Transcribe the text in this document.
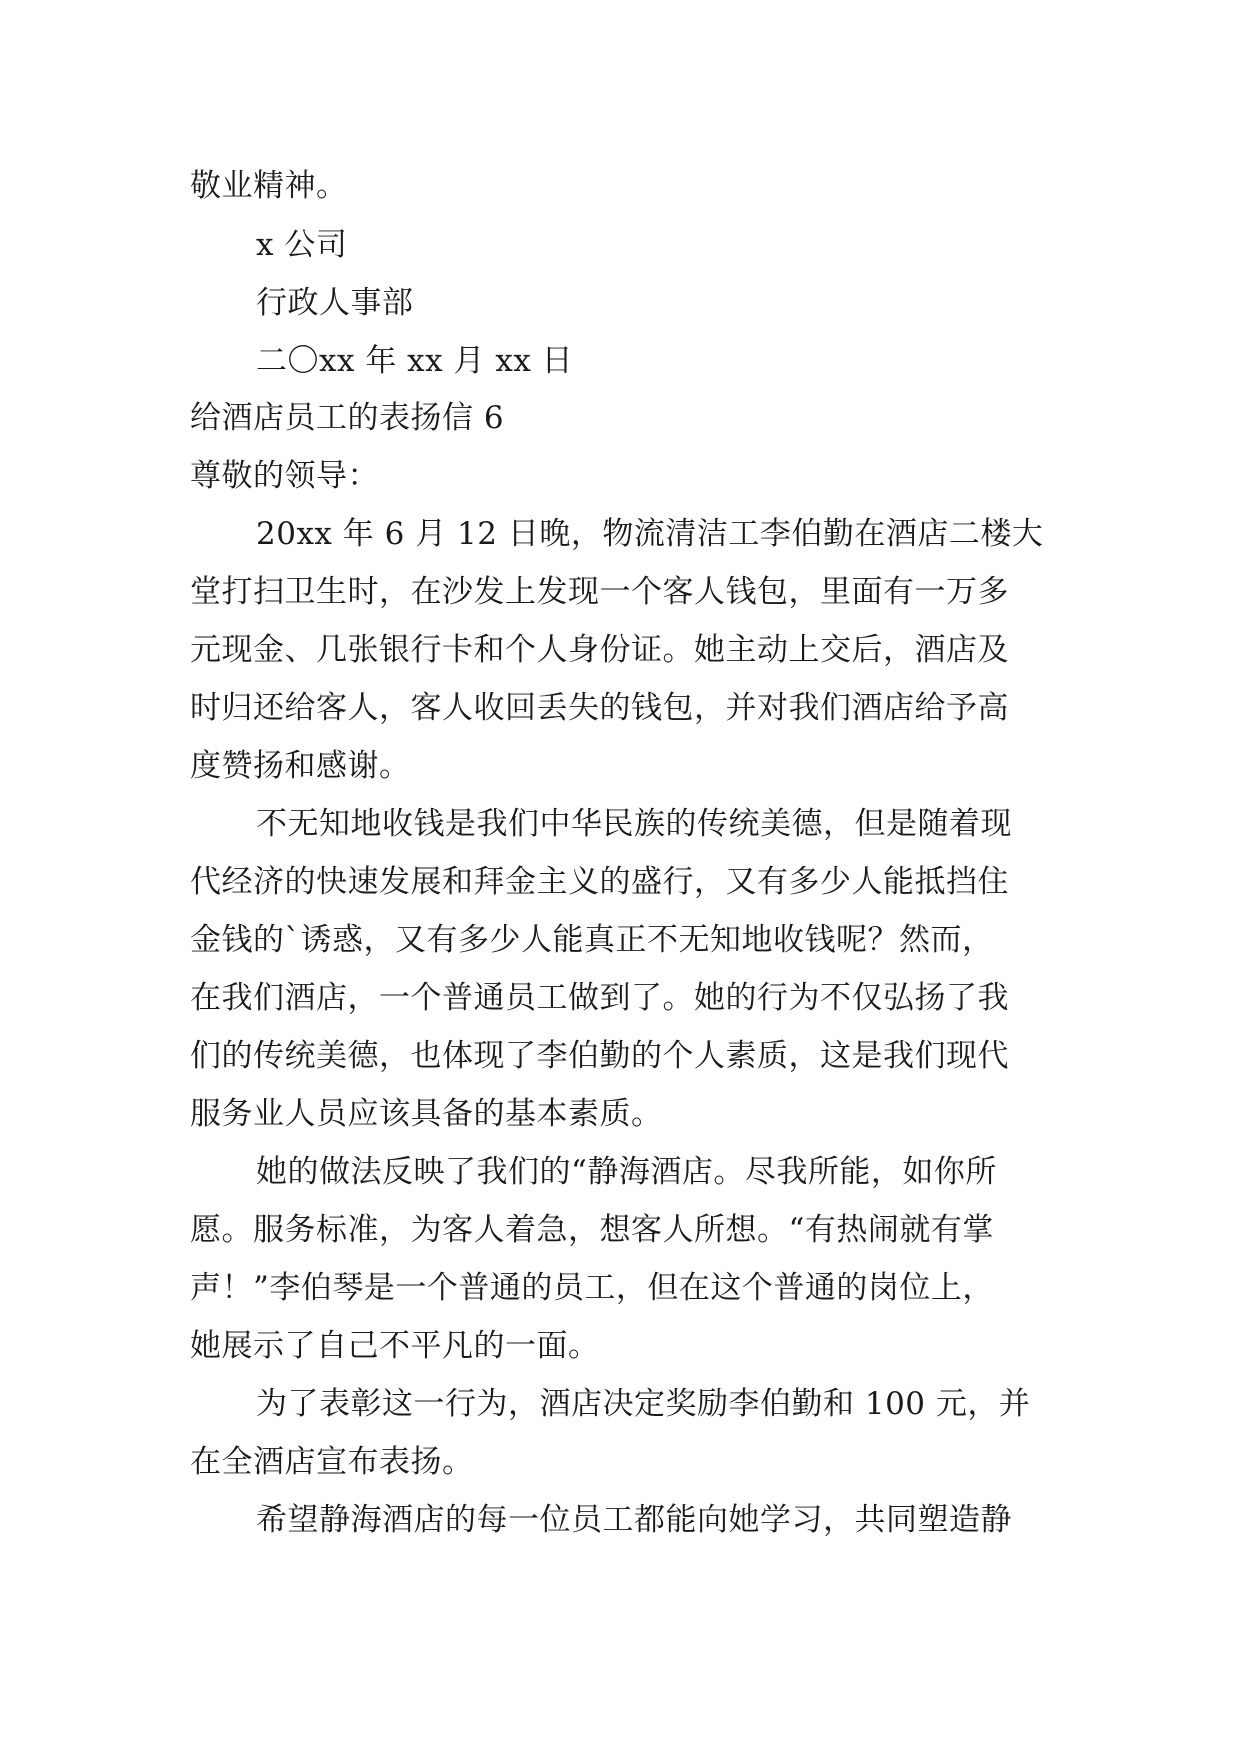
敬业精神。
x 公司
行政人事部
二〇xx 年 xx 月 xx 日
给酒店员工的表扬信 6
尊敬的领导：
20xx 年 6 月 12 日晚，物流清洁工李伯勤在酒店二楼大
堂打扫卫生时，在沙发上发现一个客人钱包，里面有一万多
元现金、几张银行卡和个人身份证。她主动上交后，酒店及
时归还给客人，客人收回丢失的钱包，并对我们酒店给予高
度赞扬和感谢。
不无知地收钱是我们中华民族的传统美德，但是随着现
代经济的快速发展和拜金主义的盛行，又有多少人能抵挡住
金钱的`诱惑，又有多少人能真正不无知地收钱呢？然而，
在我们酒店，一个普通员工做到了。她的行为不仅弘扬了我
们的传统美德，也体现了李伯勤的个人素质，这是我们现代
服务业人员应该具备的基本素质。
她的做法反映了我们的“静海酒店。尽我所能，如你所
愿。服务标准，为客人着急，想客人所想。“有热闹就有掌
声！”李伯琴是一个普通的员工，但在这个普通的岗位上，
她展示了自己不平凡的一面。
为了表彰这一行为，酒店决定奖励李伯勤和 100 元，并
在全酒店宣布表扬。
希望静海酒店的每一位员工都能向她学习，共同塑造静
